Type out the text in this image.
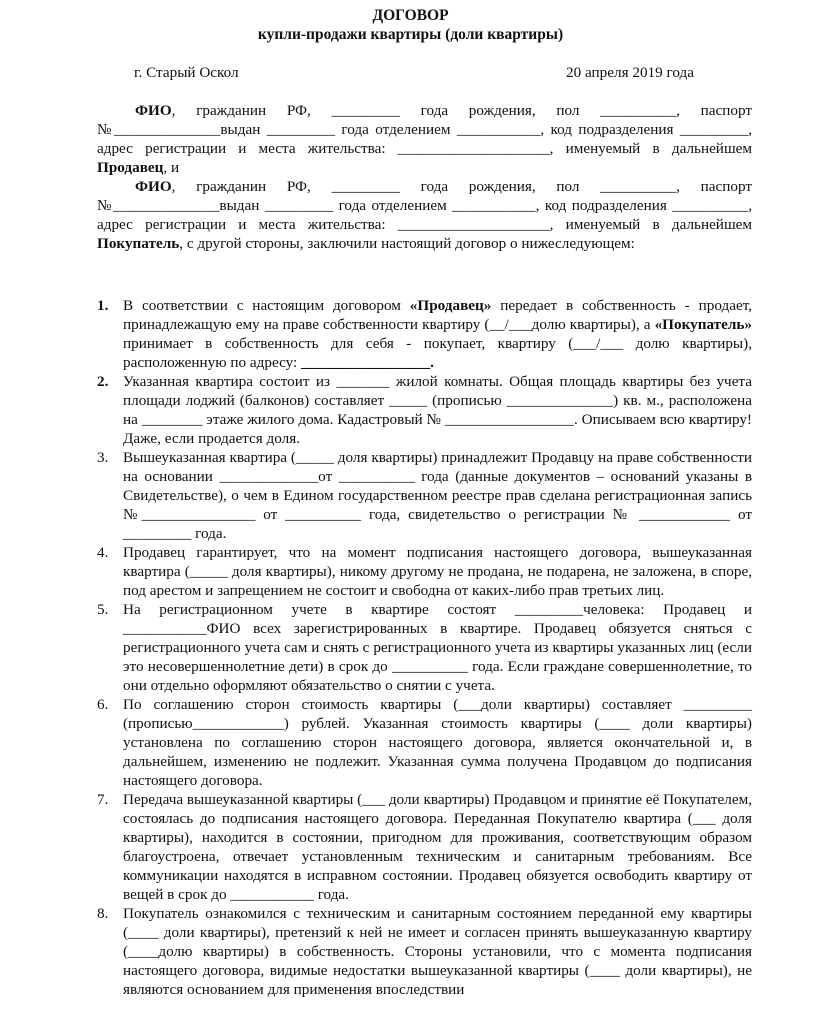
ДОГОВОР
купли-продажи квартиры (доли квартиры)
г. Старый Оскол	20 апреля 2019 года

ФИО, гражданин РФ, _________ года рождения, пол __________, паспорт №______________выдан _________ года отделением ___________, код подразделения _________, адрес регистрации и места жительства: ____________________, именуемый в дальнейшем Продавец, и

ФИО, гражданин РФ, _________ года рождения, пол __________, паспорт №______________выдан _________ года отделением ___________, код подразделения __________, адрес регистрации и места жительства: ____________________, именуемый в дальнейшем Покупатель, с другой стороны, заключили настоящий договор о нижеследующем:

1. В соответствии с настоящим договором «Продавец» передает в собственность - продает, принадлежащую ему на праве собственности квартиру (__/___долю квартиры), а «Покупатель» принимает в собственность для себя - покупает, квартиру (___/___ долю квартиры), расположенную по адресу: _________________.
2. Указанная квартира состоит из _______ жилой комнаты. Общая площадь квартиры без учета площади лоджий (балконов) составляет _____ (прописью ______________) кв. м., расположена на ________ этаже жилого дома. Кадастровый № _________________. Описываем всю квартиру! Даже, если продается доля.
3. Вышеуказанная квартира (_____ доля квартиры) принадлежит Продавцу на праве собственности на основании _____________от __________ года (данные документов – оснований указаны в Свидетельстве), о чем в Едином государственном реестре прав сделана регистрационная запись №_______________ от __________ года, свидетельство о регистрации № ____________ от _________ года.
4. Продавец гарантирует, что на момент подписания настоящего договора, вышеуказанная квартира (_____ доля квартиры), никому другому не продана, не подарена, не заложена, в споре, под арестом и запрещением не состоит и свободна от каких-либо прав третьих лиц.
5. На регистрационном учете в квартире состоят _________человека: Продавец и ___________ФИО всех зарегистрированных в квартире. Продавец обязуется сняться с регистрационного учета сам и снять с регистрационного учета из квартиры указанных лиц (если это несовершеннолетние дети) в срок до __________ года. Если граждане совершеннолетние, то они отдельно оформляют обязательство о снятии с учета.
6. По соглашению сторон стоимость квартиры (___доли квартиры) составляет _________ (прописью____________) рублей. Указанная стоимость квартиры (____ доли квартиры) установлена по соглашению сторон настоящего договора, является окончательной и, в дальнейшем, изменению не подлежит. Указанная сумма получена Продавцом до подписания настоящего договора.
7. Передача вышеуказанной квартиры (___ доли квартиры) Продавцом и принятие её Покупателем, состоялась до подписания настоящего договора. Переданная Покупателю квартира (___ доля квартиры), находится в состоянии, пригодном для проживания, соответствующим образом благоустроена, отвечает установленным техническим и санитарным требованиям. Все коммуникации находятся в исправном состоянии. Продавец обязуется освободить квартиру от вещей в срок до ___________ года.
8. Покупатель ознакомился с техническим и санитарным состоянием переданной ему квартиры (____ доли квартиры), претензий к ней не имеет и согласен принять вышеуказанную квартиру (____долю квартиры) в собственность. Стороны установили, что с момента подписания настоящего договора, видимые недостатки вышеуказанной квартиры (____ доли квартиры), не являются основанием для применения впоследствии
